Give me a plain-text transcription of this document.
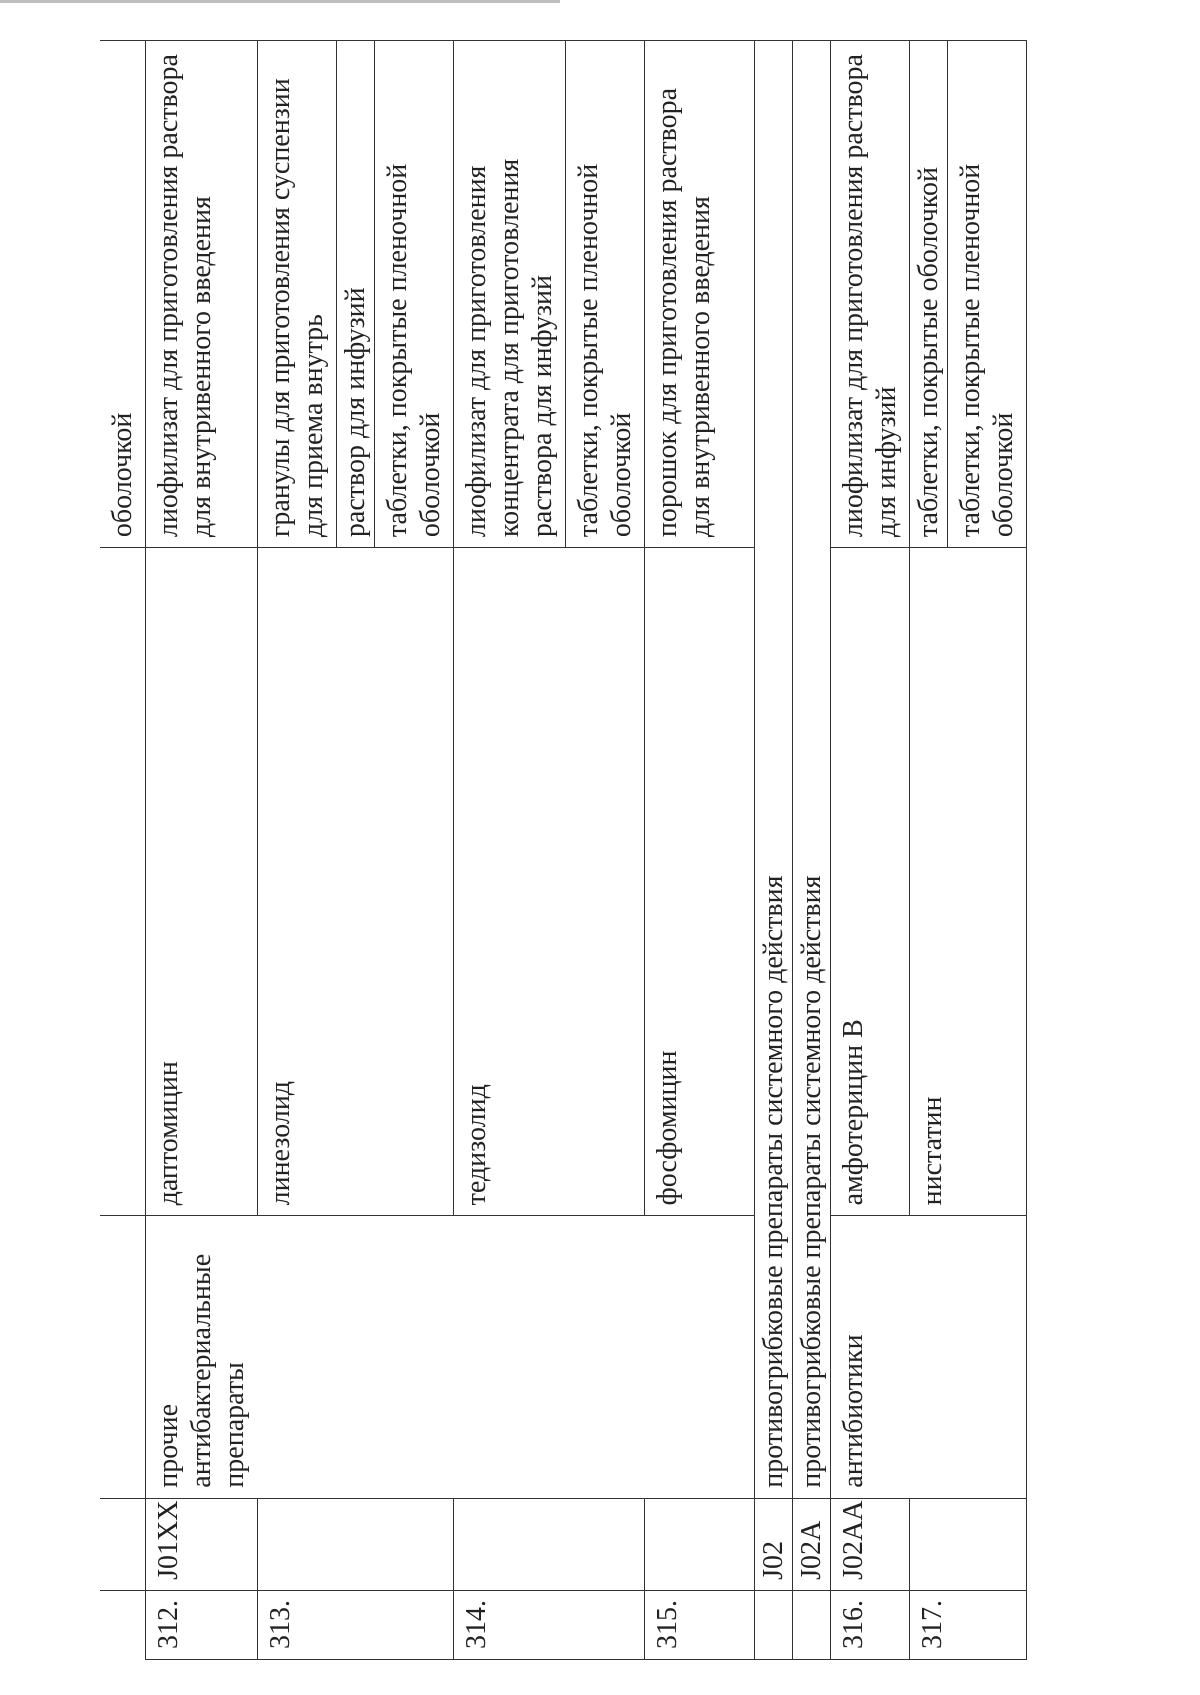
				оболочкой
312.	J01XX	прочие антибактериальные препараты	даптомицин	лиофилизат для приготовления раствора для внутривенного введения
313.			линезолид	гранулы для приготовления суспензии для приема внутрь
				раствор для инфузий
				таблетки, покрытые пленочной оболочкой
314.			тедизолид	лиофилизат для приготовления концентрата для приготовления раствора для инфузий
				таблетки, покрытые пленочной оболочкой
315.			фосфомицин	порошок для приготовления раствора для внутривенного введения
	J02	противогрибковые препараты системного действия		
	J02A	противогрибковые препараты системного действия		
316.	J02AA	антибиотики	амфотерицин В	лиофилизат для приготовления раствора для инфузий
317.			нистатин	таблетки, покрытые оболочкой
				таблетки, покрытые пленочной оболочкой
